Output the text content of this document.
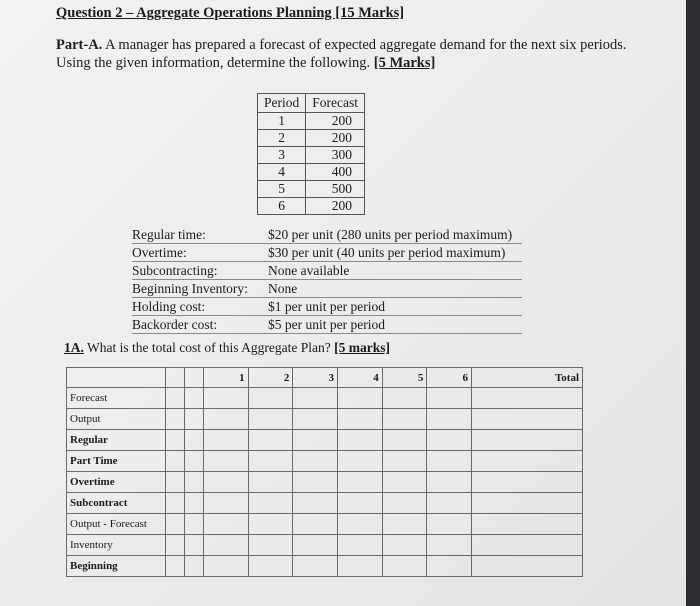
Question 2 – Aggregate Operations Planning [15 Marks]
Part-A. A manager has prepared a forecast of expected aggregate demand for the next six periods. Using the given information, determine the following. [5 Marks]
Period	Forecast
1	200
2	200
3	300
4	400
5	500
6	200
Regular time:	$20 per unit (280 units per period maximum)
Overtime:	$30 per unit (40 units per period maximum)
Subcontracting:	None available
Beginning Inventory:	None
Holding cost:	$1 per unit per period
Backorder cost:	$5 per unit per period
1A. What is the total cost of this Aggregate Plan? [5 marks]
			1	2	3	4	5	6	Total
Forecast									
Output									
Regular									
Part Time									
Overtime									
Subcontract									
Output - Forecast									
Inventory									
Beginning									
